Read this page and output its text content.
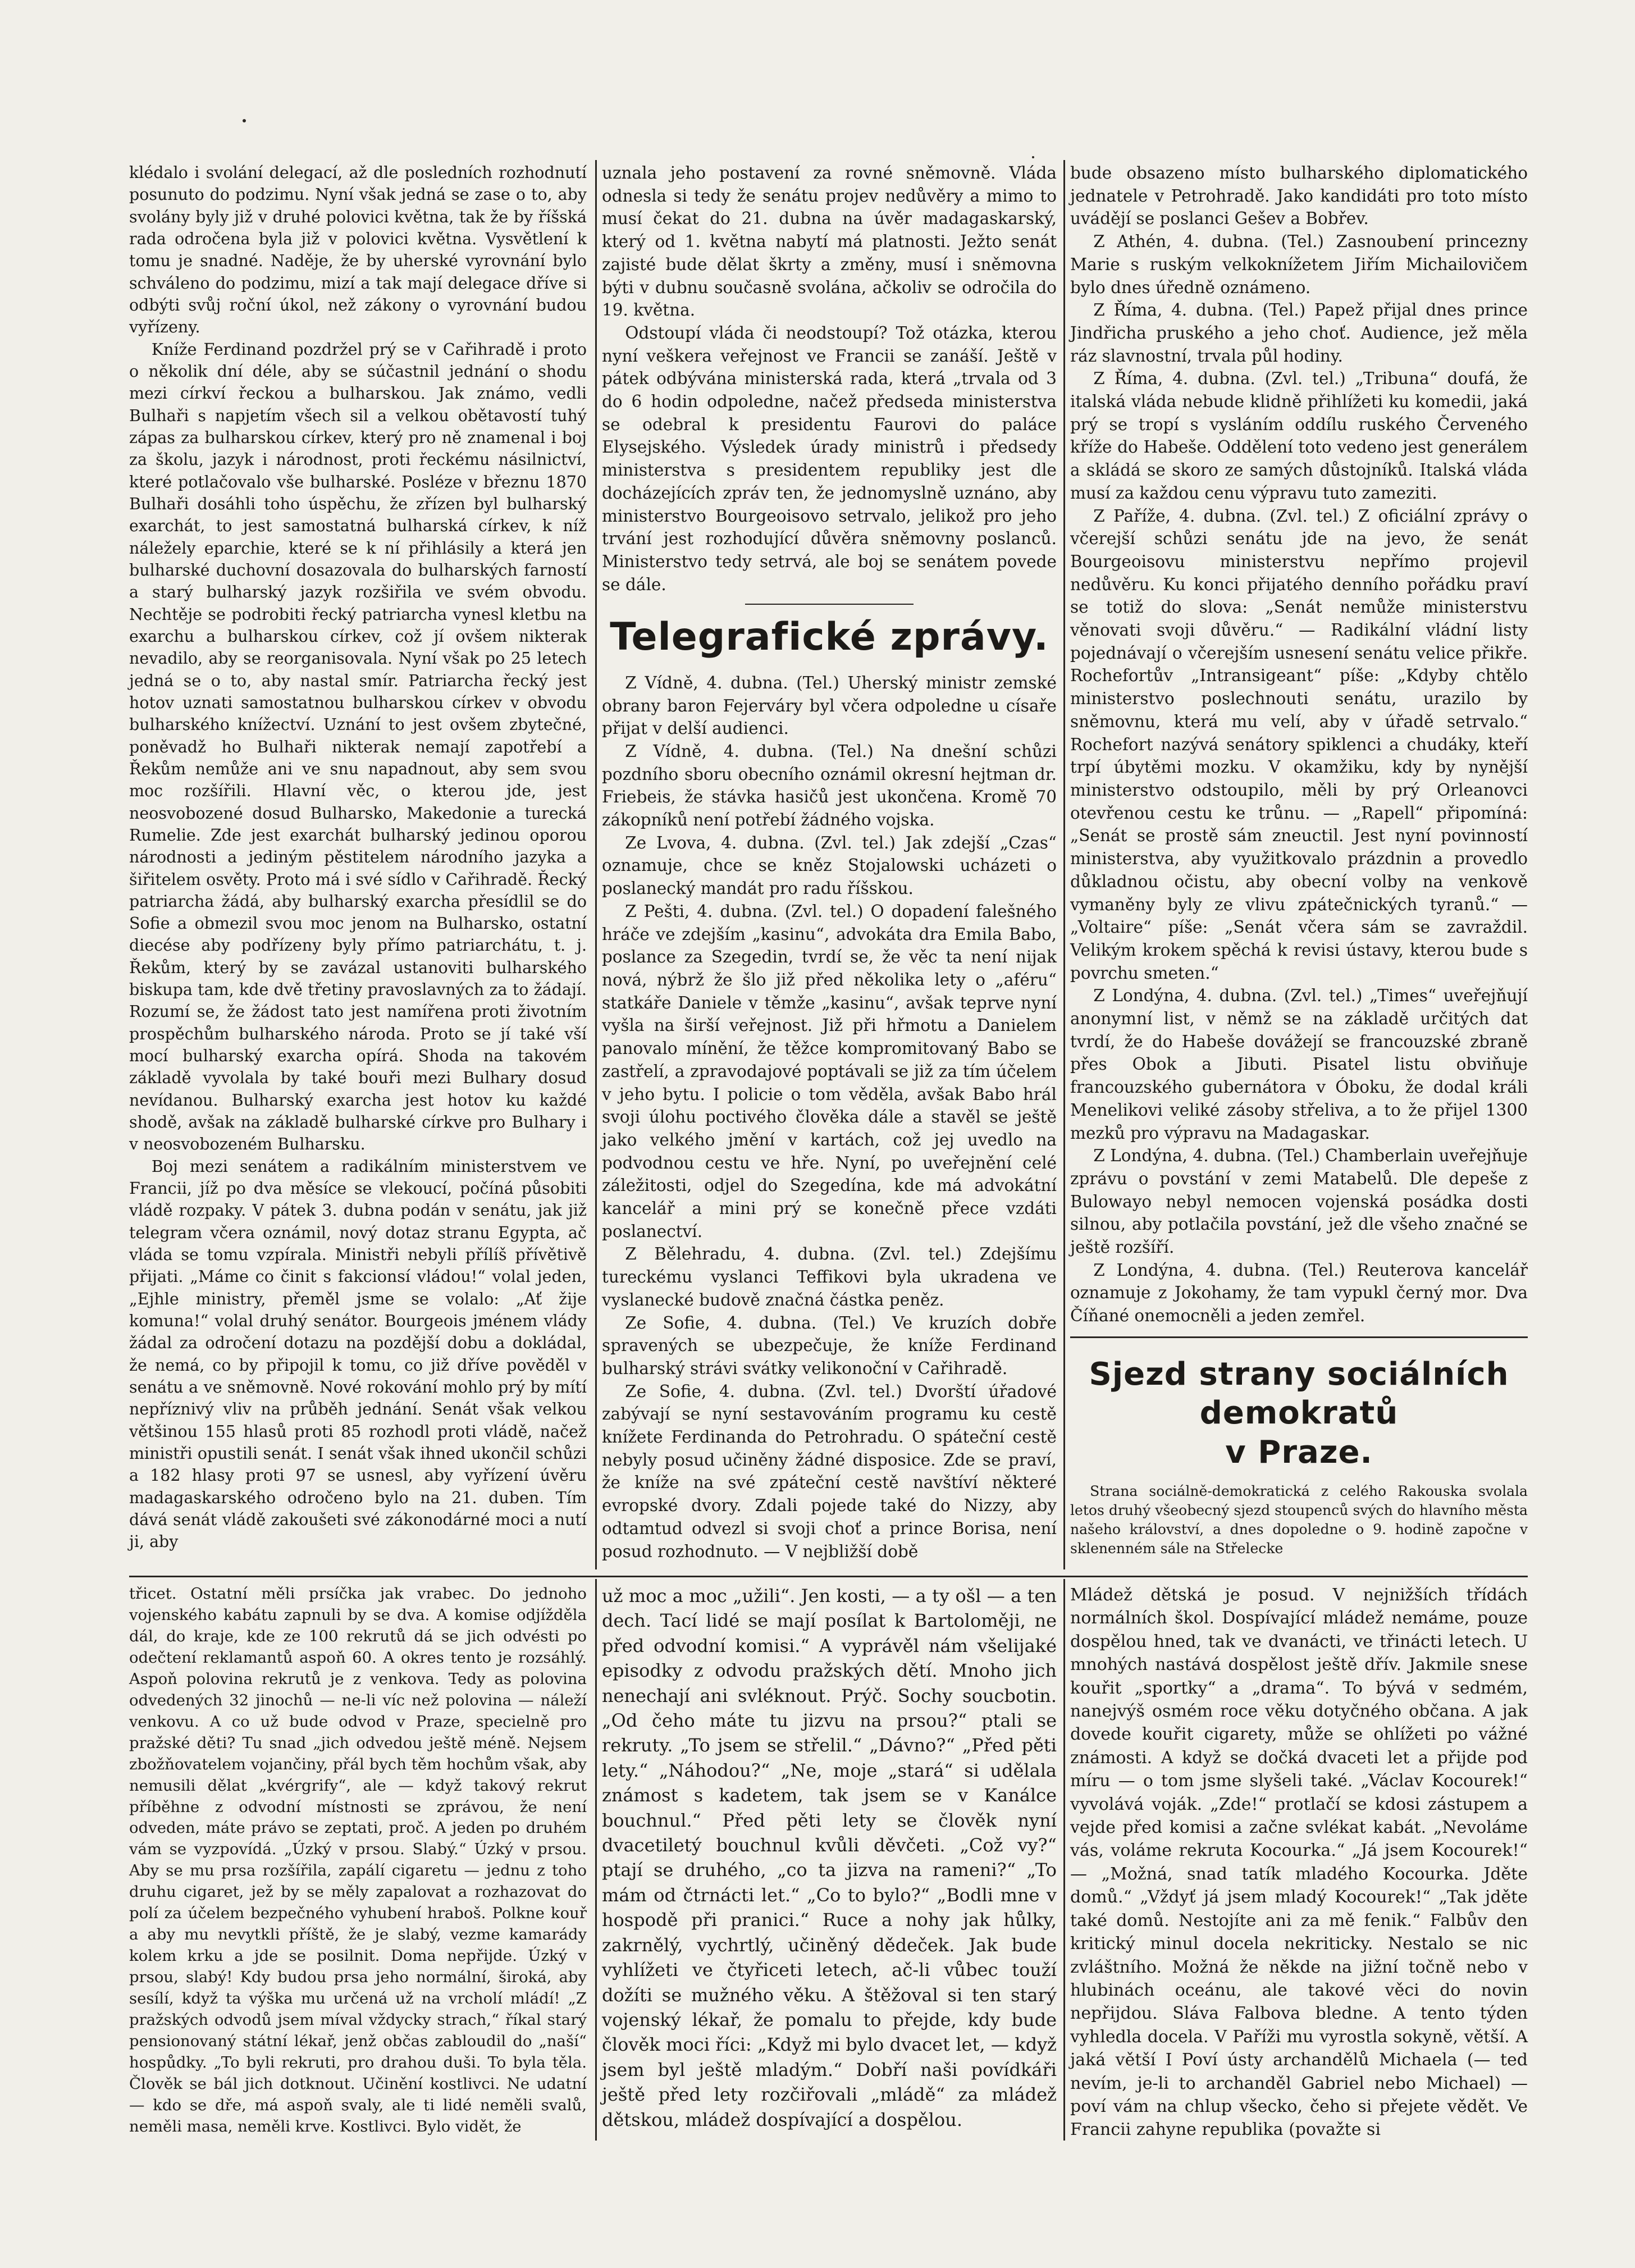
klédalo i svolání delegací, až dle posledních rozhodnutí posunuto do podzimu. Nyní však jedná se zase o to, aby svolány byly již v druhé polovici května, tak že by říšská rada odročena byla již v polovici května. Vysvětlení k tomu je snadné. Naděje, že by uherské vyrovnání bylo schváleno do podzimu, mizí a tak mají delegace dříve si odbýti svůj roční úkol, než zákony o vyrovnání budou vyřízeny.

Kníže Ferdinand pozdržel prý se v Cařihradě i proto o několik dní déle, aby se súčastnil jednání o shodu mezi církví řeckou a bulharskou. Jak známo, vedli Bulhaři s napjetím všech sil a velkou obětavostí tuhý zápas za bulharskou církev, který pro ně znamenal i boj za školu, jazyk i národnost, proti řeckému násilnictví, které potlačovalo vše bulharské. Posléze v březnu 1870 Bulhaři dosáhli toho úspěchu, že zřízen byl bulharský exarchát, to jest samostatná bulharská církev, k níž náležely eparchie, které se k ní přihlásily a která jen bulharské duchovní dosazovala do bulharských farností a starý bulharský jazyk rozšiřila ve svém obvodu. Nechtěje se podrobiti řecký patriarcha vynesl kletbu na exarchu a bulharskou církev, což jí ovšem nikterak nevadilo, aby se reorganisovala. Nyní však po 25 letech jedná se o to, aby nastal smír. Patriarcha řecký jest hotov uznati samostatnou bulharskou církev v obvodu bulharského knížectví. Uznání to jest ovšem zbytečné, poněvadž ho Bulhaři nikterak nemají zapotřebí a Řekům nemůže ani ve snu napadnout, aby sem svou moc rozšířili. Hlavní věc, o kterou jde, jest neosvobozené dosud Bulharsko, Makedonie a turecká Rumelie. Zde jest exarchát bulharský jedinou oporou národnosti a jediným pěstitelem národního jazyka a šiřitelem osvěty. Proto má i své sídlo v Cařihradě. Řecký patriarcha žádá, aby bulharský exarcha přesídlil se do Sofie a obmezil svou moc jenom na Bulharsko, ostatní diecése aby podřízeny byly přímo patriarchátu, t. j. Řekům, který by se zavázal ustanoviti bulharského biskupa tam, kde dvě třetiny pravoslavných za to žádají. Rozumí se, že žádost tato jest namířena proti životním prospěchům bulharského národa. Proto se jí také vší mocí bulharský exarcha opírá. Shoda na takovém základě vyvolala by také bouři mezi Bulhary dosud nevídanou. Bulharský exarcha jest hotov ku každé shodě, avšak na základě bulharské církve pro Bulhary i v neosvobozeném Bulharsku.

Boj mezi senátem a radikálním ministerstvem ve Francii, jíž po dva měsíce se vlekoucí, počíná působiti vládě rozpaky. V pátek 3. dubna podán v senátu, jak již telegram včera oznámil, nový dotaz stranu Egypta, ač vláda se tomu vzpírala. Ministři nebyli přílíš přívětivě přijati. „Máme co činit s fakcionsí vládou!“ volal jeden, „Ejhle ministry, přeměl jsme se volalo: „Ať žije komuna!“ volal druhý senátor. Bourgeois jménem vlády žádal za odročení dotazu na pozdější dobu a dokládal, že nemá, co by připojil k tomu, co již dříve pověděl v senátu a ve sněmovně. Nové rokování mohlo prý by mítí nepříznivý vliv na průběh jednání. Senát však velkou většinou 155 hlasů proti 85 rozhodl proti vládě, načež ministři opustili senát. I senát však ihned ukončil schůzi a 182 hlasy proti 97 se usnesl, aby vyřízení úvěru madagaskarského odročeno bylo na 21. duben. Tím dává senát vládě zakoušeti své zákonodárné moci a nutí ji, aby

uznala jeho postavení za rovné sněmovně. Vláda odnesla si tedy že senátu projev nedůvěry a mimo to musí čekat do 21. dubna na úvěr madagaskarský, který od 1. května nabytí má platnosti. Ježto senát zajisté bude dělat škrty a změny, musí i sněmovna býti v dubnu současně svolána, ačkoliv se odročila do 19. května.

Odstoupí vláda či neodstoupí? Tož otázka, kterou nyní veškera veřejnost ve Francii se zanáší. Ještě v pátek odbývána ministerská rada, která „trvala od 3 do 6 hodin odpoledne, načež předseda ministerstva se odebral k presidentu Faurovi do paláce Elysejského. Výsledek úrady ministrů i předsedy ministerstva s presidentem republiky jest dle docházejících zpráv ten, že jednomyslně uznáno, aby ministerstvo Bourgeoisovo setrvalo, jelikož pro jeho trvání jest rozhodující důvěra sněmovny poslanců. Ministerstvo tedy setrvá, ale boj se senátem povede se dále.

Telegrafické zprávy.

Z Vídně, 4. dubna. (Tel.) Uherský ministr zemské obrany baron Fejerváry byl včera odpoledne u císaře přijat v delší audienci.

Z Vídně, 4. dubna. (Tel.) Na dnešní schůzi pozdního sboru obecního oznámil okresní hejtman dr. Friebeis, že stávka hasičů jest ukončena. Kromě 70 zákopníků není potřebí žádného vojska.

Ze Lvova, 4. dubna. (Zvl. tel.) Jak zdejší „Czas“ oznamuje, chce se kněz Stojalowski ucházeti o poslanecký mandát pro radu říšskou.

Z Pešti, 4. dubna. (Zvl. tel.) O dopadení falešného hráče ve zdejším „kasinu“, advokáta dra Emila Babo, poslance za Szegedin, tvrdí se, že věc ta není nijak nová, nýbrž že šlo již před několika lety o „aféru“ statkáře Daniele v těmže „kasinu“, avšak teprve nyní vyšla na širší veřejnost. Již při hřmotu a Danielem panovalo mínění, že těžce kompromitovaný Babo se zastřelí, a zpravodajové poptávali se již za tím účelem v jeho bytu. I policie o tom věděla, avšak Babo hrál svoji úlohu poctivého člověka dále a stavěl se ještě jako velkého jmění v kartách, což jej uvedlo na podvodnou cestu ve hře. Nyní, po uveřejnění celé záležitosti, odjel do Szegedína, kde má advokátní kancelář a mini prý se konečně přece vzdáti poslanectví.

Z Bělehradu, 4. dubna. (Zvl. tel.) Zdejšímu tureckému vyslanci Teffikovi byla ukradena ve vyslanecké budově značná částka peněz.

Ze Sofie, 4. dubna. (Tel.) Ve kruzích dobře spravených se ubezpečuje, že kníže Ferdinand bulharský strávi svátky velikonoční v Cařihradě.

Ze Sofie, 4. dubna. (Zvl. tel.) Dvorští úřadové zabývají se nyní sestavováním programu ku cestě knížete Ferdinanda do Petrohradu. O spáteční cestě nebyly posud učiněny žádné disposice. Zde se praví, že kníže na své zpáteční cestě navštíví některé evropské dvory. Zdali pojede také do Nizzy, aby odtamtud odvezl si svoji choť a prince Borisa, není posud rozhodnuto. — V nejbližší době

bude obsazeno místo bulharského diplomatického jednatele v Petrohradě. Jako kandidáti pro toto místo uvádějí se poslanci Gešev a Bobřev.

Z Athén, 4. dubna. (Tel.) Zasnoubení princezny Marie s ruským velkoknížetem Jiřím Michailovičem bylo dnes úředně oznámeno.

Z Říma, 4. dubna. (Tel.) Papež přijal dnes prince Jindřicha pruského a jeho choť. Audience, jež měla ráz slavnostní, trvala půl hodiny.

Z Říma, 4. dubna. (Zvl. tel.) „Tribuna“ doufá, že italská vláda nebude klidně přihlížeti ku komedii, jaká prý se tropí s vysláním oddílu ruského Červeného kříže do Habeše. Oddělení toto vedeno jest generálem a skládá se skoro ze samých důstojníků. Italská vláda musí za každou cenu výpravu tuto zameziti.

Z Paříže, 4. dubna. (Zvl. tel.) Z oficiální zprávy o včerejší schůzi senátu jde na jevo, že senát Bourgeoisovu ministerstvu nepřímo projevil nedůvěru. Ku konci přijatého denního pořádku praví se totiž do slova: „Senát nemůže ministerstvu věnovati svoji důvěru.“ — Radikální vládní listy pojednávají o včerejším usnesení senátu velice přikře. Rochefortův „Intransigeant“ píše: „Kdyby chtělo ministerstvo poslechnouti senátu, urazilo by sněmovnu, která mu velí, aby v úřadě setrvalo.“ Rochefort nazývá senátory spiklenci a chudáky, kteří trpí úbytěmi mozku. V okamžiku, kdy by nynější ministerstvo odstoupilo, měli by prý Orleanovci otevřenou cestu ke trůnu. — „Rapell“ připomíná: „Senát se prostě sám zneuctil. Jest nyní povinností ministerstva, aby využitkovalo prázdnin a provedlo důkladnou očistu, aby obecní volby na venkově vymaněny byly ze vlivu zpátečnických tyranů.“ — „Voltaire“ píše: „Senát včera sám se zavraždil. Velikým krokem spěchá k revisi ústavy, kterou bude s povrchu smeten.“

Z Londýna, 4. dubna. (Zvl. tel.) „Times“ uveřejňují anonymní list, v němž se na základě určitých dat tvrdí, že do Habeše dovážejí se francouzské zbraně přes Obok a Jibuti. Pisatel listu obviňuje francouzského gubernátora v Óboku, že dodal králi Menelikovi veliké zásoby střeliva, a to že přijel 1300 mezků pro výpravu na Madagaskar.

Z Londýna, 4. dubna. (Tel.) Chamberlain uveřejňuje zprávu o povstání v zemi Matabelů. Dle depeše z Bulowayo nebyl nemocen vojenská posádka dosti silnou, aby potlačila povstání, jež dle všeho značné se ještě rozšíří.

Z Londýna, 4. dubna. (Tel.) Reuterova kancelář oznamuje z Jokohamy, že tam vypukl černý mor. Dva Číňané onemocněli a jeden zemřel.

Sjezd strany sociálních demokratů
v Praze.

Strana sociálně-demokratická z celého Rakouska svolala letos druhý všeobecný sjezd stoupenců svých do hlavního města našeho království, a dnes dopoledne o 9. hodině započne v sklenenném sále na Střelecke

třicet. Ostatní měli prsíčka jak vrabec. Do jednoho vojenského kabátu zapnuli by se dva. A komise odjížděla dál, do kraje, kde ze 100 rekrutů dá se jich odvésti po odečtení reklamantů aspoň 60. A okres tento je rozsáhlý. Aspoň polovina rekrutů je z venkova. Tedy as polovina odvedených 32 jinochů — ne-li víc než polovina — náleží venkovu. A co už bude odvod v Praze, specielně pro pražské děti? Tu snad „jich odvedou ještě méně. Nejsem zbožňovatelem vojančiny, přál bych těm hochům však, aby nemusili dělat „kvérgrify“, ale — když takový rekrut příběhne z odvodní místnosti se zprávou, že není odveden, máte právo se zeptati, proč. A jeden po druhém vám se vyzpovídá. „Úzký v prsou. Slabý.“ Úzký v prsou. Aby se mu prsa rozšířila, zapálí cigaretu — jednu z toho druhu cigaret, jež by se měly zapalovat a rozhazovat do polí za účelem bezpečného vyhubení hraboš. Polkne kouř a aby mu nevytkli příště, že je slabý, vezme kamarády kolem krku a jde se posilnit. Doma nepřijde. Úzký v prsou, slabý! Kdy budou prsa jeho normální, široká, aby sesílí, když ta výška mu určená už na vrcholí mládí! „Z pražských odvodů jsem míval vždycky strach,“ říkal starý pensionovaný státní lékař, jenž občas zabloudil do „naší“ hospůdky. „To byli rekruti, pro drahou duši. To byla těla. Člověk se bál jich dotknout. Učinění kostlivci. Ne udatní — kdo se dře, má aspoň svaly, ale ti lidé neměli svalů, neměli masa, neměli krve. Kostlivci. Bylo vidět, že

už moc a moc „užili“. Jen kosti, — a ty ošl — a ten dech. Tací lidé se mají posílat k Bartoloměji, ne před odvodní komisi.“ A vyprávěl nám všelijaké episodky z odvodu pražských dětí. Mnoho jich nenechají ani svléknout. Prýč. Sochy soucbotin. „Od čeho máte tu jizvu na prsou?“ ptali se rekruty. „To jsem se střelil.“ „Dávno?“ „Před pěti lety.“ „Náhodou?“ „Ne, moje „stará“ si udělala známost s kadetem, tak jsem se v Kanálce bouchnul.“ Před pěti lety se člověk nyní dvacetiletý bouchnul kvůli děvčeti. „Což vy?“ ptají se druhého, „co ta jizva na rameni?“ „To mám od čtrnácti let.“ „Co to bylo?“ „Bodli mne v hospodě při pranici.“ Ruce a nohy jak hůlky, zakrnělý, vychrtlý, učiněný dědeček. Jak bude vyhlížeti ve čtyřiceti letech, ač-li vůbec touží dožíti se mužného věku. A štěžoval si ten starý vojenský lékař, že pomalu to přejde, kdy bude člověk moci říci: „Když mi bylo dvacet let, — když jsem byl ještě mladým.“ Dobří naši povídkáři ještě před lety rozčiřovali „mládě“ za mládež dětskou, mládež dospívající a dospělou.

Mládež dětská je posud. V nejnižších třídách normálních škol. Dospívající mládež nemáme, pouze dospělou hned, tak ve dvanácti, ve třinácti letech. U mnohých nastává dospělost ještě dřív. Jakmile snese kouřit „sportky“ a „drama“. To bývá v sedmém, nanejvýš osmém roce věku dotyčného občana. A jak dovede kouřit cigarety, může se ohlížeti po vážné známosti. A když se dočká dvaceti let a přijde pod míru — o tom jsme slyšeli také. „Václav Kocourek!“ vyvolává voják. „Zde!“ protlačí se kdosi zástupem a vejde před komisi a začne svlékat kabát. „Nevoláme vás, voláme rekruta Kocourka.“ „Já jsem Kocourek!“ — „Možná, snad tatík mladého Kocourka. Jděte domů.“ „Vždyť já jsem mladý Kocourek!“ „Tak jděte také domů. Nestojíte ani za mě fenik.“ Falbův den kritický minul docela nekriticky. Nestalo se nic zvláštního. Možná že někde na jižní točně nebo v hlubinách oceánu, ale takové věci do novin nepřijdou. Sláva Falbova bledne. A tento týden vyhledla docela. V Paříži mu vyrostla sokyně, větší. A jaká větší I Poví ústy archandělů Michaela (— ted nevím, je-li to archanděl Gabriel nebo Michael) — poví vám na chlup všecko, čeho si přejete vědět. Ve Francii zahyne republika (považte si
